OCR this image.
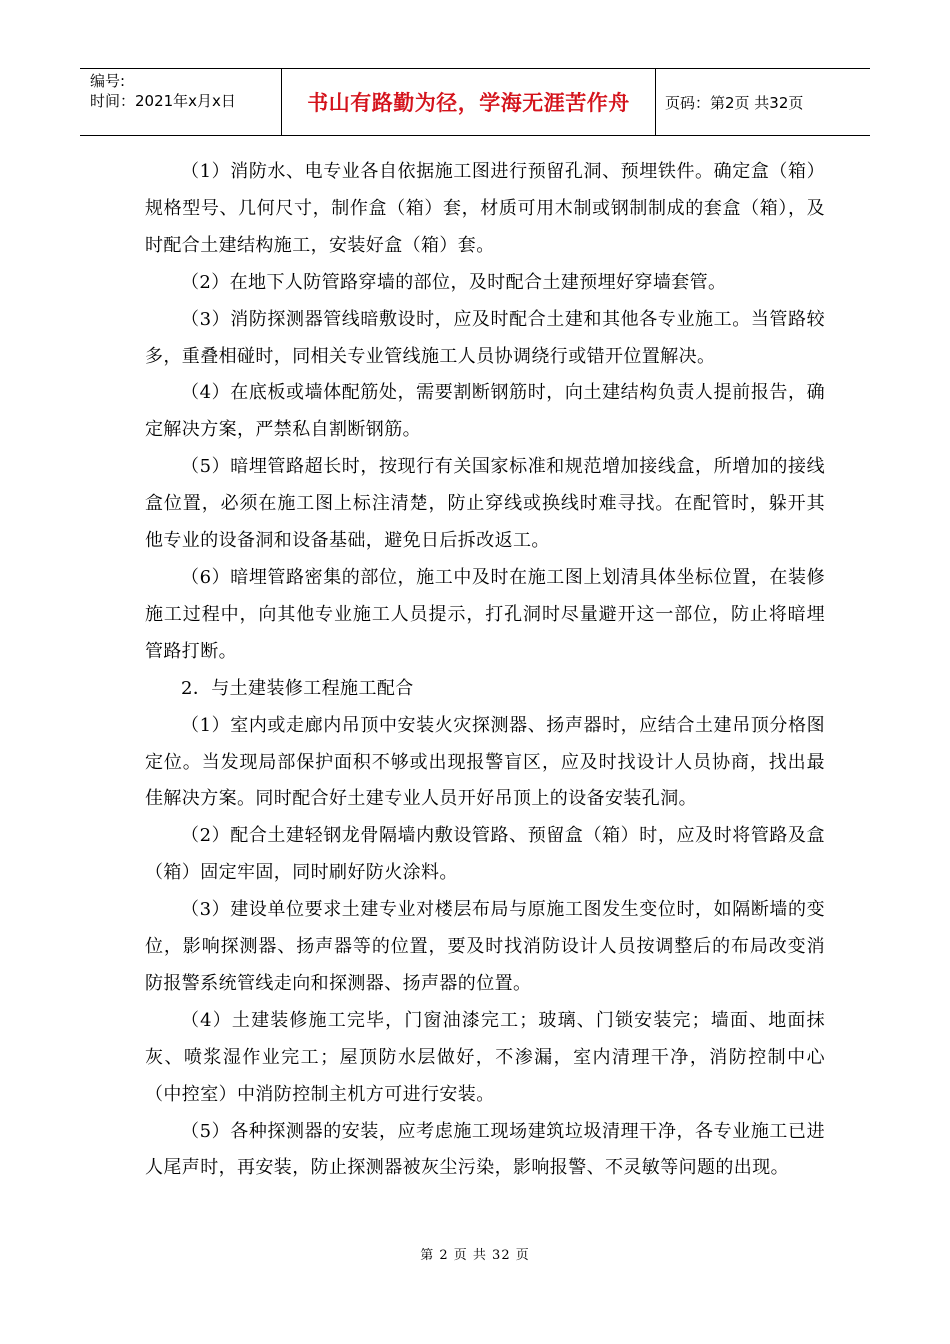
编号:
时间：2021年x月x日	书山有路勤为径，学海无涯苦作舟	页码：第2页 共32页

（1）消防水、电专业各自依据施工图进行预留孔洞、预埋铁件。确定盒（箱）规格型号、几何尺寸，制作盒（箱）套，材质可用木制或钢制制成的套盒（箱），及时配合土建结构施工，安装好盒（箱）套。

（2）在地下人防管路穿墙的部位，及时配合土建预埋好穿墙套管。

（3）消防探测器管线暗敷设时，应及时配合土建和其他各专业施工。当管路较多，重叠相碰时，同相关专业管线施工人员协调绕行或错开位置解决。

（4）在底板或墙体配筋处，需要割断钢筋时，向土建结构负责人提前报告，确定解决方案，严禁私自割断钢筋。

（5）暗埋管路超长时，按现行有关国家标准和规范增加接线盒，所增加的接线盒位置，必须在施工图上标注清楚，防止穿线或换线时难寻找。在配管时，躲开其他专业的设备洞和设备基础，避免日后拆改返工。

（6）暗埋管路密集的部位，施工中及时在施工图上划清具体坐标位置，在装修施工过程中，向其他专业施工人员提示，打孔洞时尽量避开这一部位，防止将暗埋管路打断。

2．与土建装修工程施工配合

（1）室内或走廊内吊顶中安装火灾探测器、扬声器时，应结合土建吊顶分格图定位。当发现局部保护面积不够或出现报警盲区，应及时找设计人员协商，找出最佳解决方案。同时配合好土建专业人员开好吊顶上的设备安装孔洞。

（2）配合土建轻钢龙骨隔墙内敷设管路、预留盒（箱）时，应及时将管路及盒（箱）固定牢固，同时刷好防火涂料。

（3）建设单位要求土建专业对楼层布局与原施工图发生变位时，如隔断墙的变位，影响探测器、扬声器等的位置，要及时找消防设计人员按调整后的布局改变消防报警系统管线走向和探测器、扬声器的位置。

（4）土建装修施工完毕，门窗油漆完工；玻璃、门锁安装完；墙面、地面抹灰、喷浆湿作业完工；屋顶防水层做好，不渗漏，室内清理干净，消防控制中心（中控室）中消防控制主机方可进行安装。

（5）各种探测器的安装，应考虑施工现场建筑垃圾清理干净，各专业施工已进人尾声时，再安装，防止探测器被灰尘污染，影响报警、不灵敏等问题的出现。

第 2 页 共 32 页
